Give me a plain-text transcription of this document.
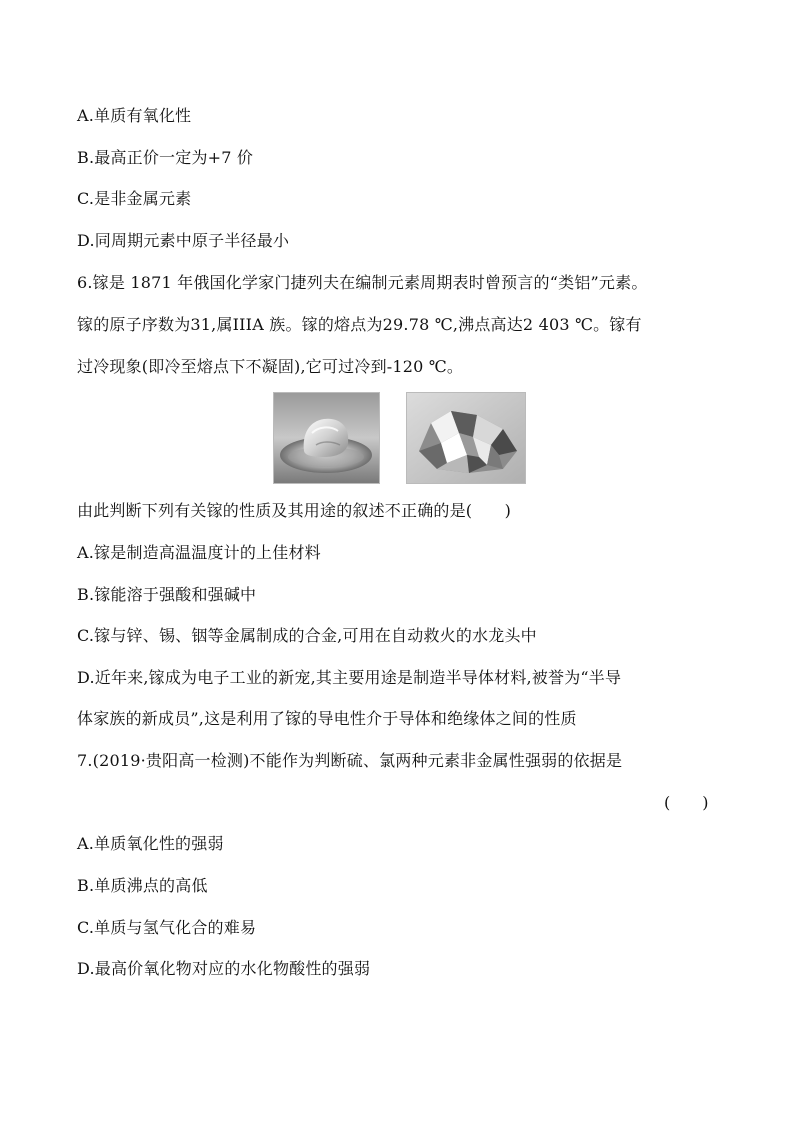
A.单质有氧化性
B.最高正价一定为+7 价
C.是非金属元素
D.同周期元素中原子半径最小
6.镓是 1871 年俄国化学家门捷列夫在编制元素周期表时曾预言的“类铝”元素。
镓的原子序数为31,属IIIA 族。镓的熔点为29.78 ℃,沸点高达2 403 ℃。镓有
过冷现象(即冷至熔点下不凝固),它可过冷到-120 ℃。
由此判断下列有关镓的性质及其用途的叙述不正确的是(　　)
A.镓是制造高温温度计的上佳材料
B.镓能溶于强酸和强碱中
C.镓与锌、锡、铟等金属制成的合金,可用在自动救火的水龙头中
D.近年来,镓成为电子工业的新宠,其主要用途是制造半导体材料,被誉为“半导
体家族的新成员”,这是利用了镓的导电性介于导体和绝缘体之间的性质
7.(2019·贵阳高一检测)不能作为判断硫、氯两种元素非金属性强弱的依据是
(　　)
A.单质氧化性的强弱
B.单质沸点的高低
C.单质与氢气化合的难易
D.最高价氧化物对应的水化物酸性的强弱
